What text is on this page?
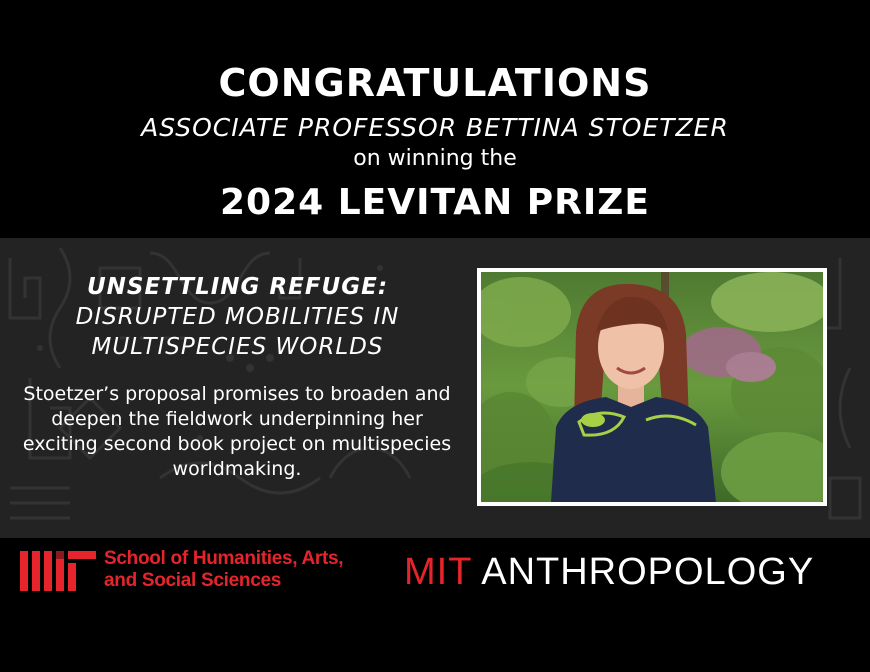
CONGRATULATIONS
ASSOCIATE PROFESSOR BETTINA STOETZER
on winning the
2024 LEVITAN PRIZE
UNSETTLING REFUGE:
DISRUPTED MOBILITIES IN
MULTISPECIES WORLDS
Stoetzer’s proposal promises to broaden and deepen the fieldwork underpinning her exciting second book project on multispecies worldmaking.
School of Humanities, Arts,
and Social Sciences	MIT ANTHROPOLOGY
